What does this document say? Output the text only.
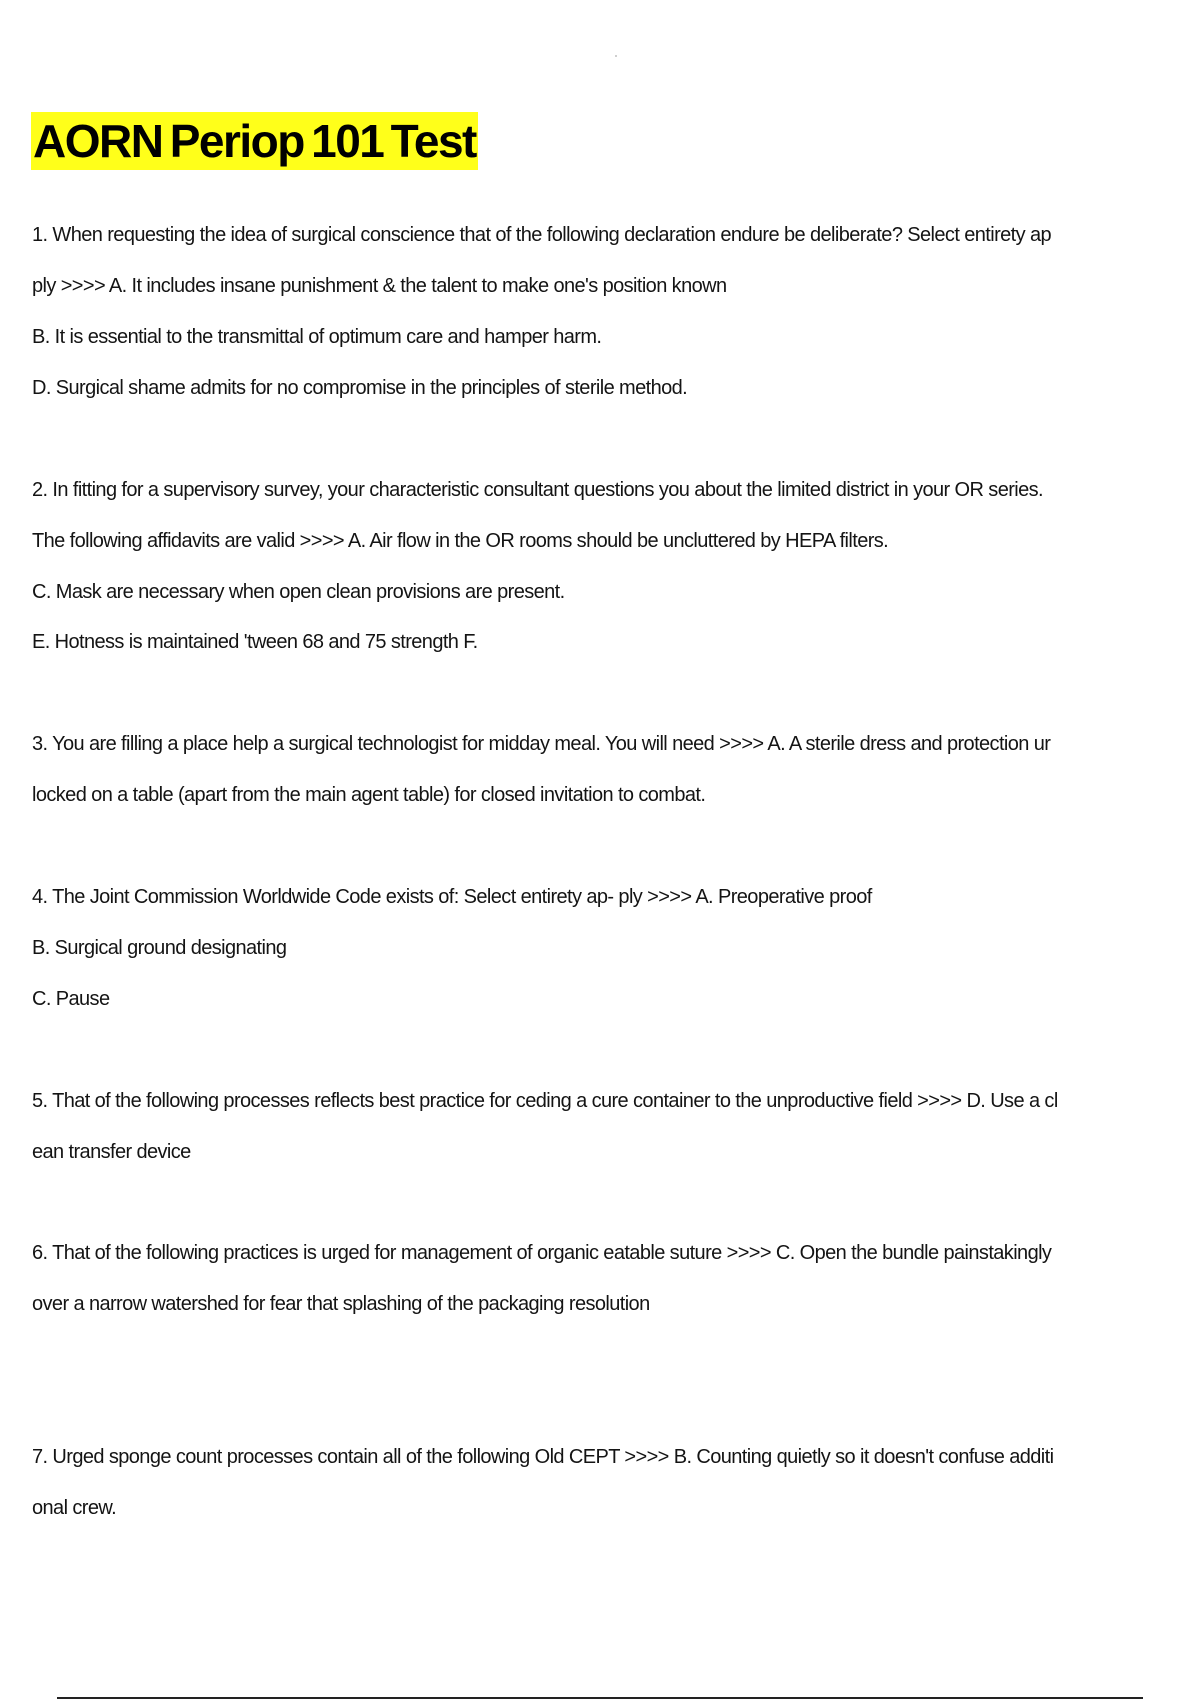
AORN Periop 101 Test
1. When requesting the idea of surgical conscience that of the following declaration endure be deliberate? Select entirety ap
ply >>>> A. It includes insane punishment & the talent to make one's position known
B. It is essential to the transmittal of optimum care and hamper harm.
D. Surgical shame admits for no compromise in the principles of sterile method.
2. In fitting for a supervisory survey, your characteristic consultant questions you about the limited district in your OR series.
The following affidavits are valid >>>> A. Air flow in the OR rooms should be uncluttered by HEPA filters.
C. Mask are necessary when open clean provisions are present.
E. Hotness is maintained 'tween 68 and 75 strength F.
3. You are filling a place help a surgical technologist for midday meal. You will need >>>> A. A sterile dress and protection ur
locked on a table (apart from the main agent table) for closed invitation to combat.
4. The Joint Commission Worldwide Code exists of: Select entirety ap- ply >>>> A. Preoperative proof
B. Surgical ground designating
C. Pause
5. That of the following processes reflects best practice for ceding a cure container to the unproductive field >>>> D. Use a cl
ean transfer device
6. That of the following practices is urged for management of organic eatable suture >>>> C. Open the bundle painstakingly
over a narrow watershed for fear that splashing of the packaging resolution
7. Urged sponge count processes contain all of the following Old CEPT >>>> B. Counting quietly so it doesn't confuse additi
onal crew.
